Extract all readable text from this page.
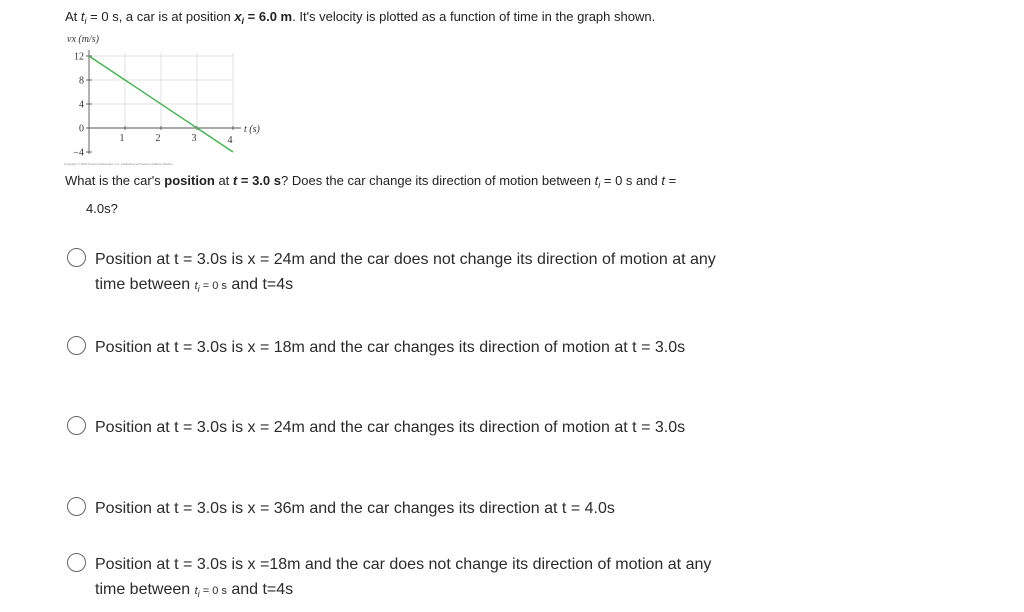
At $t_i = 0$ s, a car is at position $x_i = 6.0$ m. It's velocity is plotted as a function of time in the graph shown.
vx (m/s)
t (s)
12
8
4
0
−4
1	2	3	4
Copyright © 2020 Pearson Education, Inc. publishing as Pearson Addison-Wesley
What is the car's position at t = 3.0 s? Does the car change its direction of motion between $t_i = 0$ s and t =
4.0s?
Position at t = 3.0s is x = 24m and the car does not change its direction of motion at any time between $t_i = 0$ s and t=4s
Position at t = 3.0s is x = 18m and the car changes its direction of motion at t = 3.0s
Position at t = 3.0s is x = 24m and the car changes its direction of motion at t = 3.0s
Position at t = 3.0s is x = 36m and the car changes its direction at t = 4.0s
Position at t = 3.0s is x =18m and the car does not change its direction of motion at any time between $t_i = 0$ s and t=4s
